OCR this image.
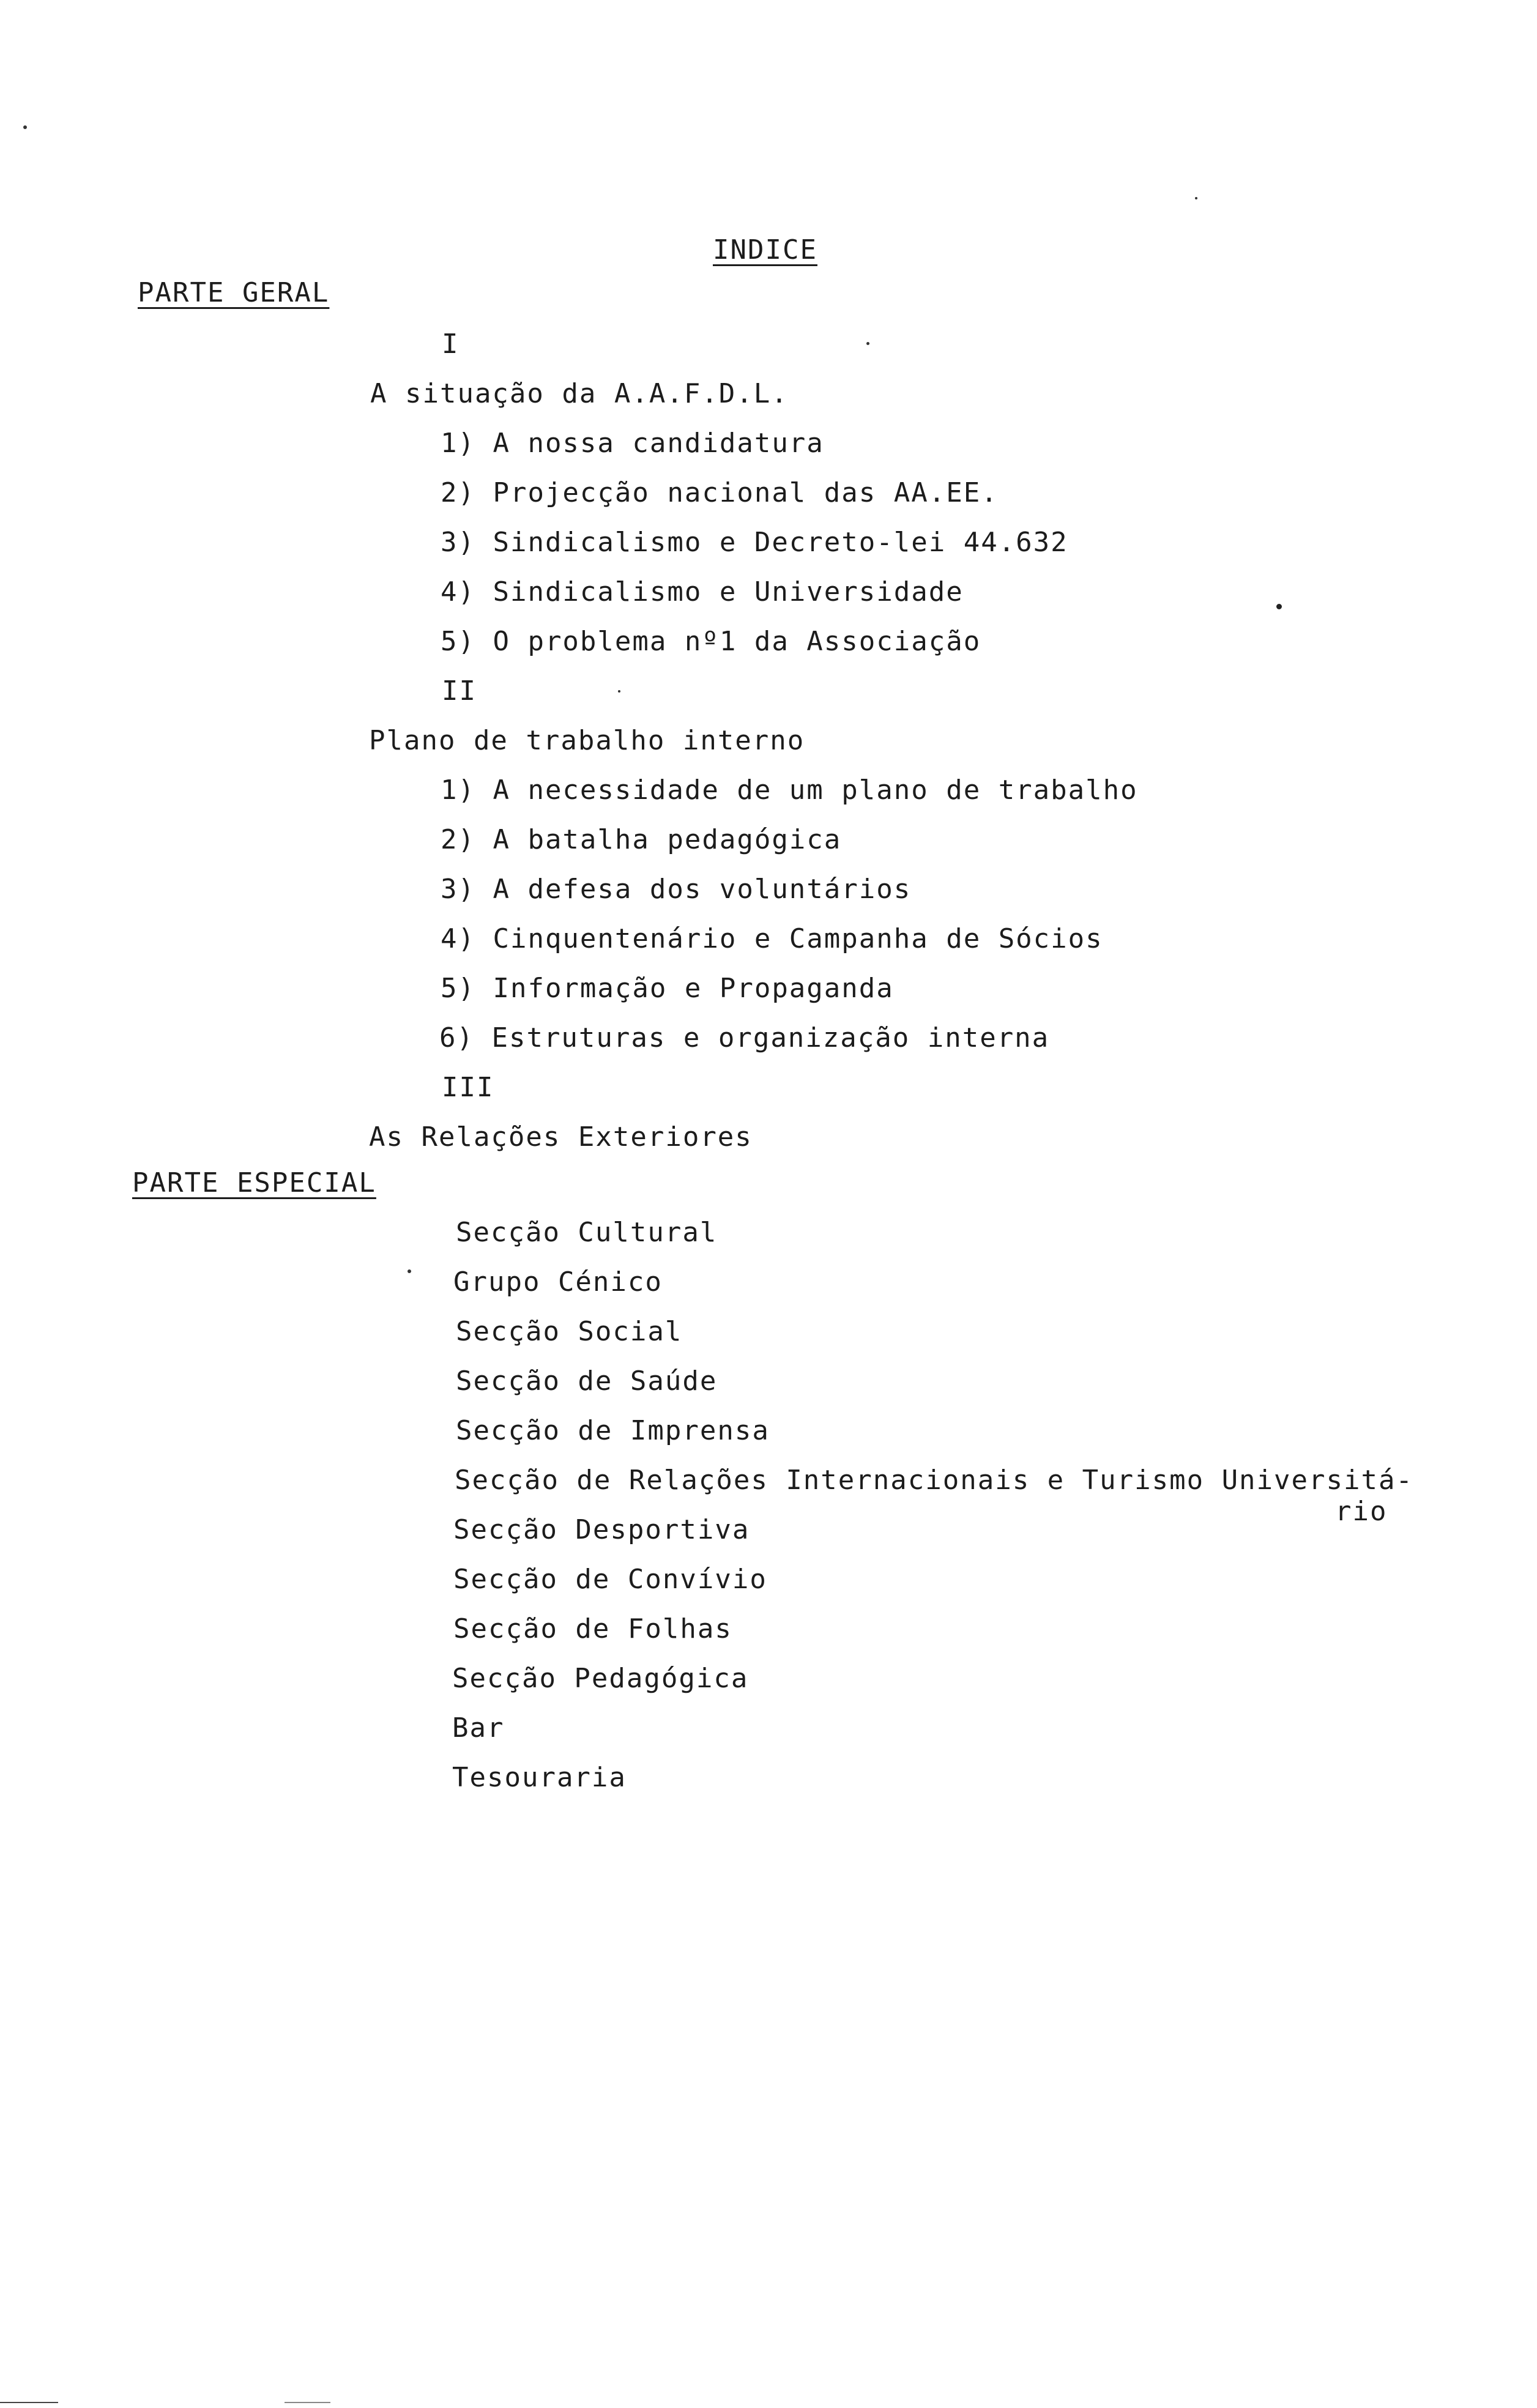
INDICE
PARTE GERAL
I
A situação da A.A.F.D.L.
1) A nossa candidatura
2) Projecção nacional das AA.EE.
3) Sindicalismo e Decreto-lei 44.632
4) Sindicalismo e Universidade
5) O problema nº1 da Associação
II
Plano de trabalho interno
1) A necessidade de um plano de trabalho
2) A batalha pedagógica
3) A defesa dos voluntários
4) Cinquentenário e Campanha de Sócios
5) Informação e Propaganda
6) Estruturas e organização interna
III
As Relações Exteriores
PARTE ESPECIAL
Secção Cultural
Grupo Cénico
Secção Social
Secção de Saúde
Secção de Imprensa
Secção de Relações Internacionais e Turismo Universitá-
rio
Secção Desportiva
Secção de Convívio
Secção de Folhas
Secção Pedagógica
Bar
Tesouraria
